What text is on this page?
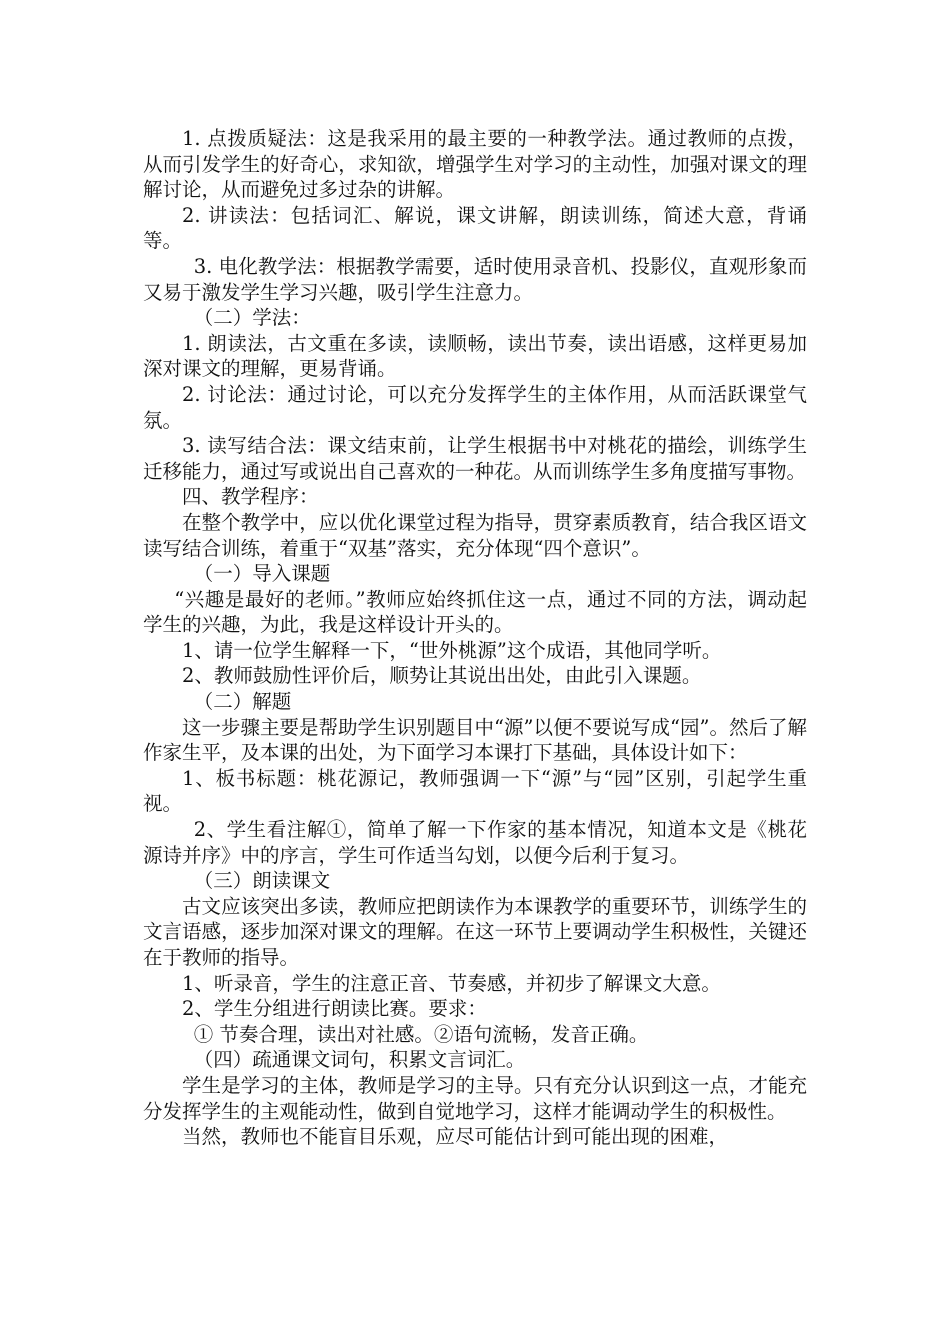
1. 点拨质疑法：这是我采用的最主要的一种教学法。通过教师的点拨，从而引发学生的好奇心，求知欲，增强学生对学习的主动性，加强对课文的理解讨论，从而避免过多过杂的讲解。

2. 讲读法：包括词汇、解说，课文讲解，朗读训练，简述大意，背诵等。

3. 电化教学法：根据教学需要，适时使用录音机、投影仪，直观形象而又易于激发学生学习兴趣，吸引学生注意力。

（二）学法：

1. 朗读法，古文重在多读，读顺畅，读出节奏，读出语感，这样更易加深对课文的理解，更易背诵。

2. 讨论法：通过讨论，可以充分发挥学生的主体作用，从而活跃课堂气氛。

3. 读写结合法：课文结束前，让学生根据书中对桃花的描绘，训练学生迁移能力，通过写或说出自己喜欢的一种花。从而训练学生多角度描写事物。

四、教学程序：

在整个教学中，应以优化课堂过程为指导，贯穿素质教育，结合我区语文读写结合训练，着重于“双基”落实，充分体现“四个意识”。

（一）导入课题

“兴趣是最好的老师。”教师应始终抓住这一点，通过不同的方法，调动起学生的兴趣，为此，我是这样设计开头的。

1、请一位学生解释一下，“世外桃源”这个成语，其他同学听。

2、教师鼓励性评价后，顺势让其说出出处，由此引入课题。

（二）解题

这一步骤主要是帮助学生识别题目中“源”以便不要说写成“园”。然后了解作家生平，及本课的出处，为下面学习本课打下基础，具体设计如下：

1、板书标题：桃花源记，教师强调一下“源”与“园”区别，引起学生重视。

2、学生看注解①，简单了解一下作家的基本情况，知道本文是《桃花源诗并序》中的序言，学生可作适当勾划，以便今后利于复习。

（三）朗读课文

古文应该突出多读，教师应把朗读作为本课教学的重要环节，训练学生的文言语感，逐步加深对课文的理解。在这一环节上要调动学生积极性，关键还在于教师的指导。

1、听录音，学生的注意正音、节奏感，并初步了解课文大意。

2、学生分组进行朗读比赛。要求：

① 节奏合理，读出对社感。②语句流畅，发音正确。

（四）疏通课文词句，积累文言词汇。

学生是学习的主体，教师是学习的主导。只有充分认识到这一点，才能充分发挥学生的主观能动性，做到自觉地学习，这样才能调动学生的积极性。

当然，教师也不能盲目乐观，应尽可能估计到可能出现的困难，
